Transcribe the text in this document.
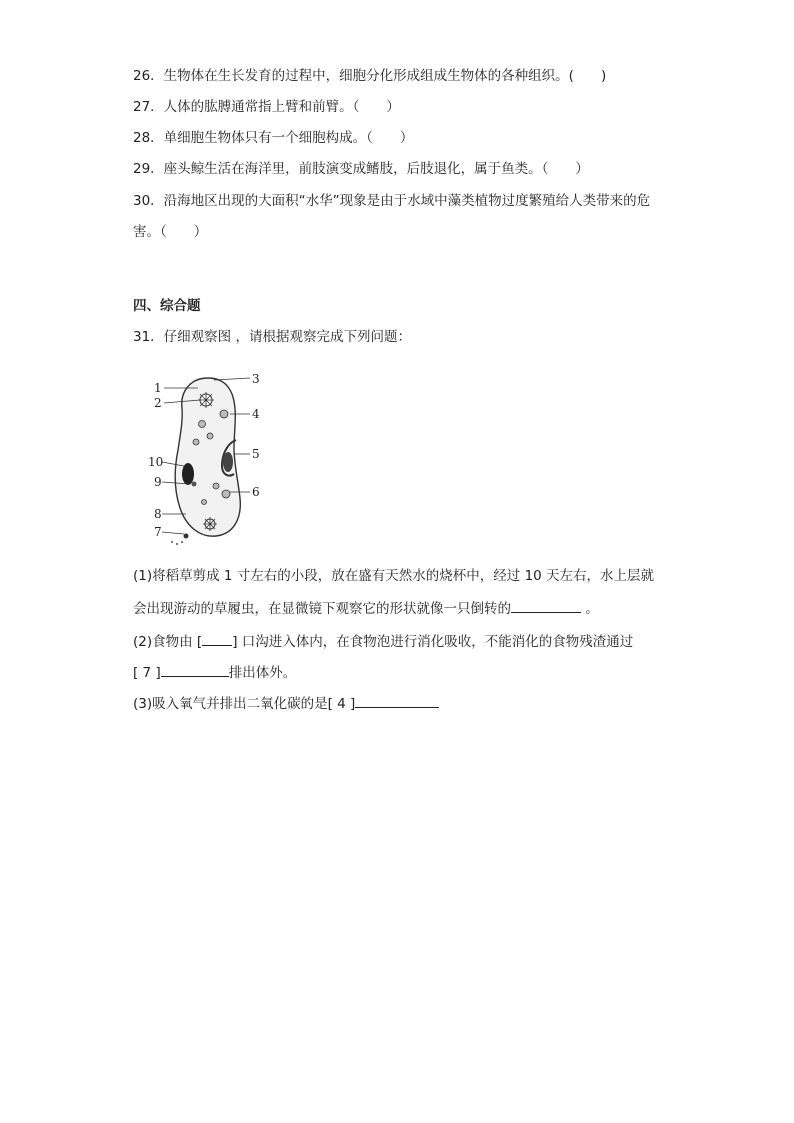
26．生物体在生长发育的过程中，细胞分化形成组成生物体的各种组织。(　　)
27．人体的肱膊通常指上臂和前臂。（　　）
28．单细胞生物体只有一个细胞构成。（　　）
29．座头鲸生活在海洋里，前肢演变成鳍肢，后肢退化，属于鱼类。（　　）
30．沿海地区出现的大面积“水华”现象是由于水域中藻类植物过度繁殖给人类带来的危
害。（　　）
四、综合题
31．仔细观察图 ，请根据观察完成下列问题：
1
2
3
4
5
6
7
8
9
10
(1)将稻草剪成 1 寸左右的小段，放在盛有天然水的烧杯中，经过 10 天左右，水上层就
会出现游动的草履虫，在显微镜下观察它的形状就像一只倒转的	。
(2)食物由 [ ] 口沟进入体内，在食物泡进行消化吸收，不能消化的食物残渣通过
[ 7 ]	排出体外。
(3)吸入氧气并排出二氧化碳的是[ 4 ]
